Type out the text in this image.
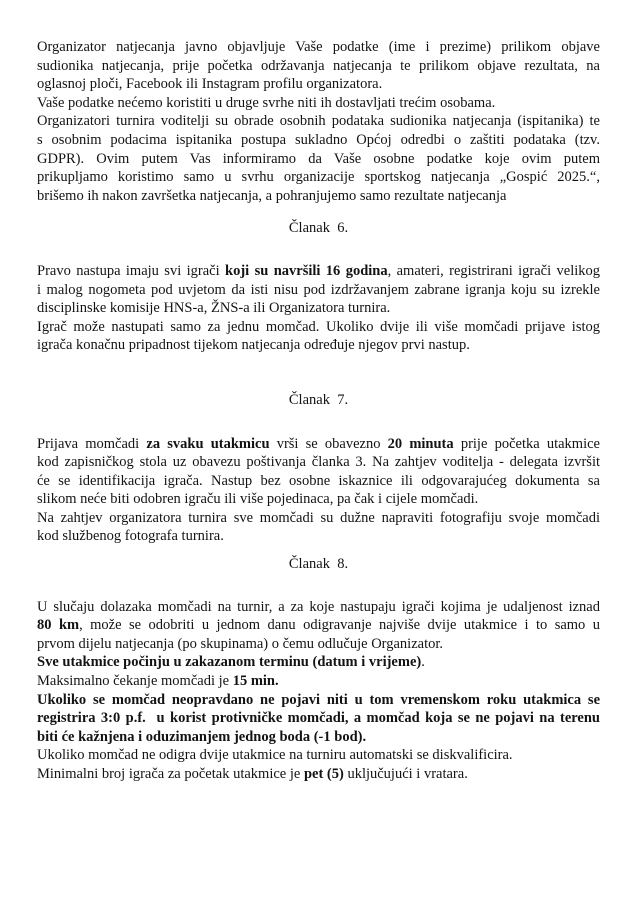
Organizator natjecanja javno objavljuje Vaše podatke (ime i prezime) prilikom objave
sudionika natjecanja, prije početka održavanja natjecanja te prilikom objave rezultata, na
oglasnoj ploči, Facebook ili Instagram profilu organizatora.
Vaše podatke nećemo koristiti u druge svrhe niti ih dostavljati trećim osobama.
Organizatori turnira voditelji su obrade osobnih podataka sudionika natjecanja (ispitanika) te
s osobnim podacima ispitanika postupa sukladno Općoj odredbi o zaštiti podataka (tzv.
GDPR). Ovim putem Vas informiramo da Vaše osobne podatke koje ovim putem
prikupljamo koristimo samo u svrhu organizacije sportskog natjecanja „Gospić 2025.“,
brišemo ih nakon završetka natjecanja, a pohranjujemo samo rezultate natjecanja
Članak  6.
Pravo nastupa imaju svi igrači koji su navršili 16 godina, amateri, registrirani igrači velikog
i malog nogometa pod uvjetom da isti nisu pod izdržavanjem zabrane igranja koju su izrekle
disciplinske komisije HNS-a, ŽNS-a ili Organizatora turnira.
Igrač može nastupati samo za jednu momčad. Ukoliko dvije ili više momčadi prijave istog
igrača konačnu pripadnost tijekom natjecanja određuje njegov prvi nastup.
Članak  7.
Prijava momčadi za svaku utakmicu vrši se obavezno 20 minuta prije početka utakmice
kod zapisničkog stola uz obavezu poštivanja članka 3. Na zahtjev voditelja - delegata izvršit
će se identifikacija igrača. Nastup bez osobne iskaznice ili odgovarajućeg dokumenta sa
slikom neće biti odobren igraču ili više pojedinaca, pa čak i cijele momčadi.
Na zahtjev organizatora turnira sve momčadi su dužne napraviti fotografiju svoje momčadi
kod službenog fotografa turnira.
Članak  8.
U slučaju dolazaka momčadi na turnir, a za koje nastupaju igrači kojima je udaljenost iznad
80 km, može se odobriti u jednom danu odigravanje najviše dvije utakmice i to samo u
prvom dijelu natjecanja (po skupinama) o čemu odlučuje Organizator.
Sve utakmice počinju u zakazanom terminu (datum i vrijeme).
Maksimalno čekanje momčadi je 15 min.
Ukoliko se momčad neopravdano ne pojavi niti u tom vremenskom roku utakmica se
registrira 3:0 p.f.  u korist protivničke momčadi, a momčad koja se ne pojavi na terenu
biti će kažnjena i oduzimanjem jednog boda (-1 bod).
Ukoliko momčad ne odigra dvije utakmice na turniru automatski se diskvalificira.
Minimalni broj igrača za početak utakmice je pet (5) uključujući i vratara.
